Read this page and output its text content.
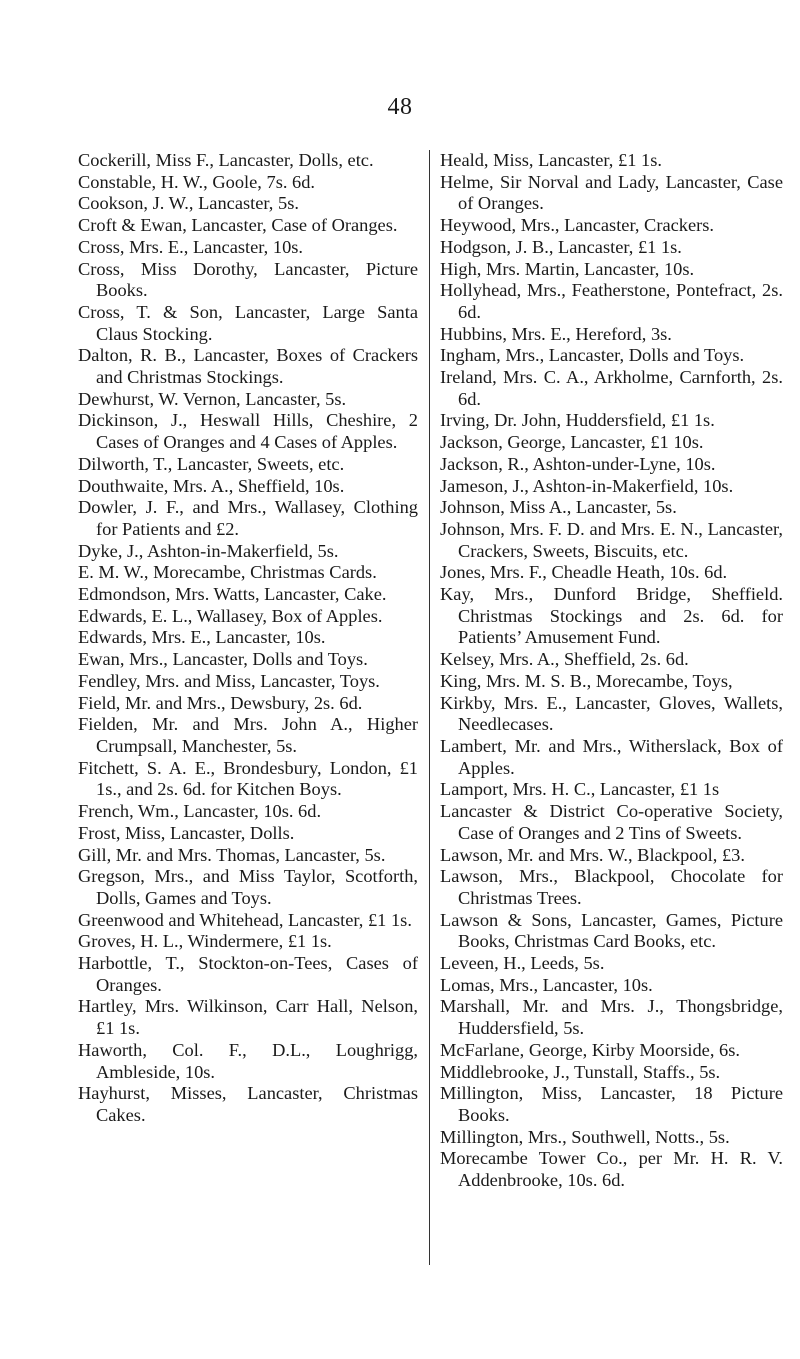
48

Cockerill, Miss F., Lancaster, Dolls, etc.

Constable, H. W., Goole, 7s. 6d.

Cookson, J. W., Lancaster, 5s.

Croft & Ewan, Lancaster, Case of Oranges.

Cross, Mrs. E., Lancaster, 10s.

Cross, Miss Dorothy, Lancaster, Picture Books.

Cross, T. & Son, Lancaster, Large Santa Claus Stocking.

Dalton, R. B., Lancaster, Boxes of Crackers and Christmas Stockings.

Dewhurst, W. Vernon, Lancaster, 5s.

Dickinson, J., Heswall Hills, Cheshire, 2 Cases of Oranges and 4 Cases of Apples.

Dilworth, T., Lancaster, Sweets, etc.

Douthwaite, Mrs. A., Sheffield, 10s.

Dowler, J. F., and Mrs., Wallasey, Clothing for Patients and £2.

Dyke, J., Ashton-in-Makerfield, 5s.

E. M. W., Morecambe, Christmas Cards.

Edmondson, Mrs. Watts, Lancaster, Cake.

Edwards, E. L., Wallasey, Box of Apples.

Edwards, Mrs. E., Lancaster, 10s.

Ewan, Mrs., Lancaster, Dolls and Toys.

Fendley, Mrs. and Miss, Lancaster, Toys.

Field, Mr. and Mrs., Dewsbury, 2s. 6d.

Fielden, Mr. and Mrs. John A., Higher Crumpsall, Manchester, 5s.

Fitchett, S. A. E., Brondesbury, London, £1 1s., and 2s. 6d. for Kitchen Boys.

French, Wm., Lancaster, 10s. 6d.

Frost, Miss, Lancaster, Dolls.

Gill, Mr. and Mrs. Thomas, Lancaster, 5s.

Gregson, Mrs., and Miss Taylor, Scotforth, Dolls, Games and Toys.

Greenwood and Whitehead, Lancaster, £1 1s.

Groves, H. L., Windermere, £1 1s.

Harbottle, T., Stockton-on-Tees, Cases of Oranges.

Hartley, Mrs. Wilkinson, Carr Hall, Nelson, £1 1s.

Haworth, Col. F., D.L., Loughrigg, Ambleside, 10s.

Hayhurst, Misses, Lancaster, Christmas Cakes.

Heald, Miss, Lancaster, £1 1s.

Helme, Sir Norval and Lady, Lancaster, Case of Oranges.

Heywood, Mrs., Lancaster, Crackers.

Hodgson, J. B., Lancaster, £1 1s.

High, Mrs. Martin, Lancaster, 10s.

Hollyhead, Mrs., Featherstone, Pontefract, 2s. 6d.

Hubbins, Mrs. E., Hereford, 3s.

Ingham, Mrs., Lancaster, Dolls and Toys.

Ireland, Mrs. C. A., Arkholme, Carnforth, 2s. 6d.

Irving, Dr. John, Huddersfield, £1 1s.

Jackson, George, Lancaster, £1 10s.

Jackson, R., Ashton-under-Lyne, 10s.

Jameson, J., Ashton-in-Makerfield, 10s.

Johnson, Miss A., Lancaster, 5s.

Johnson, Mrs. F. D. and Mrs. E. N., Lancaster, Crackers, Sweets, Biscuits, etc.

Jones, Mrs. F., Cheadle Heath, 10s. 6d.

Kay, Mrs., Dunford Bridge, Sheffield. Christmas Stockings and 2s. 6d. for Patients’ Amusement Fund.

Kelsey, Mrs. A., Sheffield, 2s. 6d.

King, Mrs. M. S. B., Morecambe, Toys,

Kirkby, Mrs. E., Lancaster, Gloves, Wallets, Needlecases.

Lambert, Mr. and Mrs., Witherslack, Box of Apples.

Lamport, Mrs. H. C., Lancaster, £1 1s

Lancaster & District Co-operative Society, Case of Oranges and 2 Tins of Sweets.

Lawson, Mr. and Mrs. W., Blackpool, £3.

Lawson, Mrs., Blackpool, Chocolate for Christmas Trees.

Lawson & Sons, Lancaster, Games, Picture Books, Christmas Card Books, etc.

Leveen, H., Leeds, 5s.

Lomas, Mrs., Lancaster, 10s.

Marshall, Mr. and Mrs. J., Thongsbridge, Huddersfield, 5s.

McFarlane, George, Kirby Moorside, 6s.

Middlebrooke, J., Tunstall, Staffs., 5s.

Millington, Miss, Lancaster, 18 Picture Books.

Millington, Mrs., Southwell, Notts., 5s.

Morecambe Tower Co., per Mr. H. R. V. Addenbrooke, 10s. 6d.
